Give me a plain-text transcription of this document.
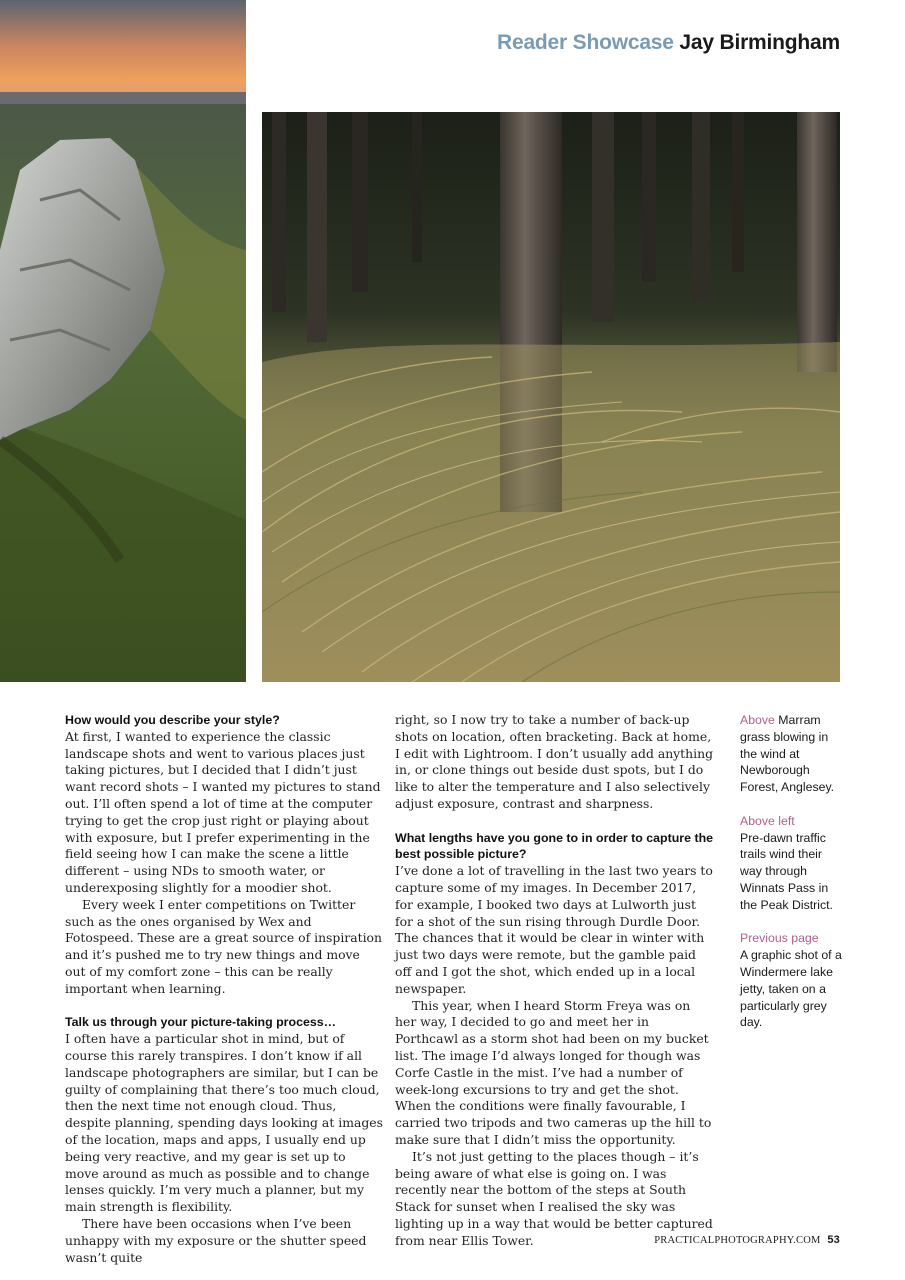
Reader Showcase Jay Birmingham

How would you describe your style?

At first, I wanted to experience the classic landscape shots and went to various places just taking pictures, but I decided that I didn’t just want record shots – I wanted my pictures to stand out. I’ll often spend a lot of time at the computer trying to get the crop just right or playing about with exposure, but I prefer experimenting in the field seeing how I can make the scene a little different – using NDs to smooth water, or underexposing slightly for a moodier shot.

Every week I enter competitions on Twitter such as the ones organised by Wex and Fotospeed. These are a great source of inspiration and it’s pushed me to try new things and move out of my comfort zone – this can be really important when learning.

Talk us through your picture-taking process…

I often have a particular shot in mind, but of course this rarely transpires. I don’t know if all landscape photographers are similar, but I can be guilty of complaining that there’s too much cloud, then the next time not enough cloud. Thus, despite planning, spending days looking at images of the location, maps and apps, I usually end up being very reactive, and my gear is set up to move around as much as possible and to change lenses quickly. I’m very much a planner, but my main strength is flexibility.

There have been occasions when I’ve been unhappy with my exposure or the shutter speed wasn’t quite

right, so I now try to take a number of back-up shots on location, often bracketing. Back at home, I edit with Lightroom. I don’t usually add anything in, or clone things out beside dust spots, but I do like to alter the temperature and I also selectively adjust exposure, contrast and sharpness.

What lengths have you gone to in order to capture the best possible picture?

I’ve done a lot of travelling in the last two years to capture some of my images. In December 2017, for example, I booked two days at Lulworth just for a shot of the sun rising through Durdle Door. The chances that it would be clear in winter with just two days were remote, but the gamble paid off and I got the shot, which ended up in a local newspaper.

This year, when I heard Storm Freya was on her way, I decided to go and meet her in Porthcawl as a storm shot had been on my bucket list. The image I’d always longed for though was Corfe Castle in the mist. I’ve had a number of week-long excursions to try and get the shot. When the conditions were finally favourable, I carried two tripods and two cameras up the hill to make sure that I didn’t miss the opportunity.

It’s not just getting to the places though – it’s being aware of what else is going on. I was recently near the bottom of the steps at South Stack for sunset when I realised the sky was lighting up in a way that would be better captured from near Ellis Tower.

Above Marram grass blowing in the wind at Newborough Forest, Anglesey.
Above left
Pre-dawn traffic trails wind their way through Winnats Pass in the Peak District.
Previous page
A graphic shot of a Windermere lake jetty, taken on a particularly grey day.
PRACTICALPHOTOGRAPHY.COM 53
